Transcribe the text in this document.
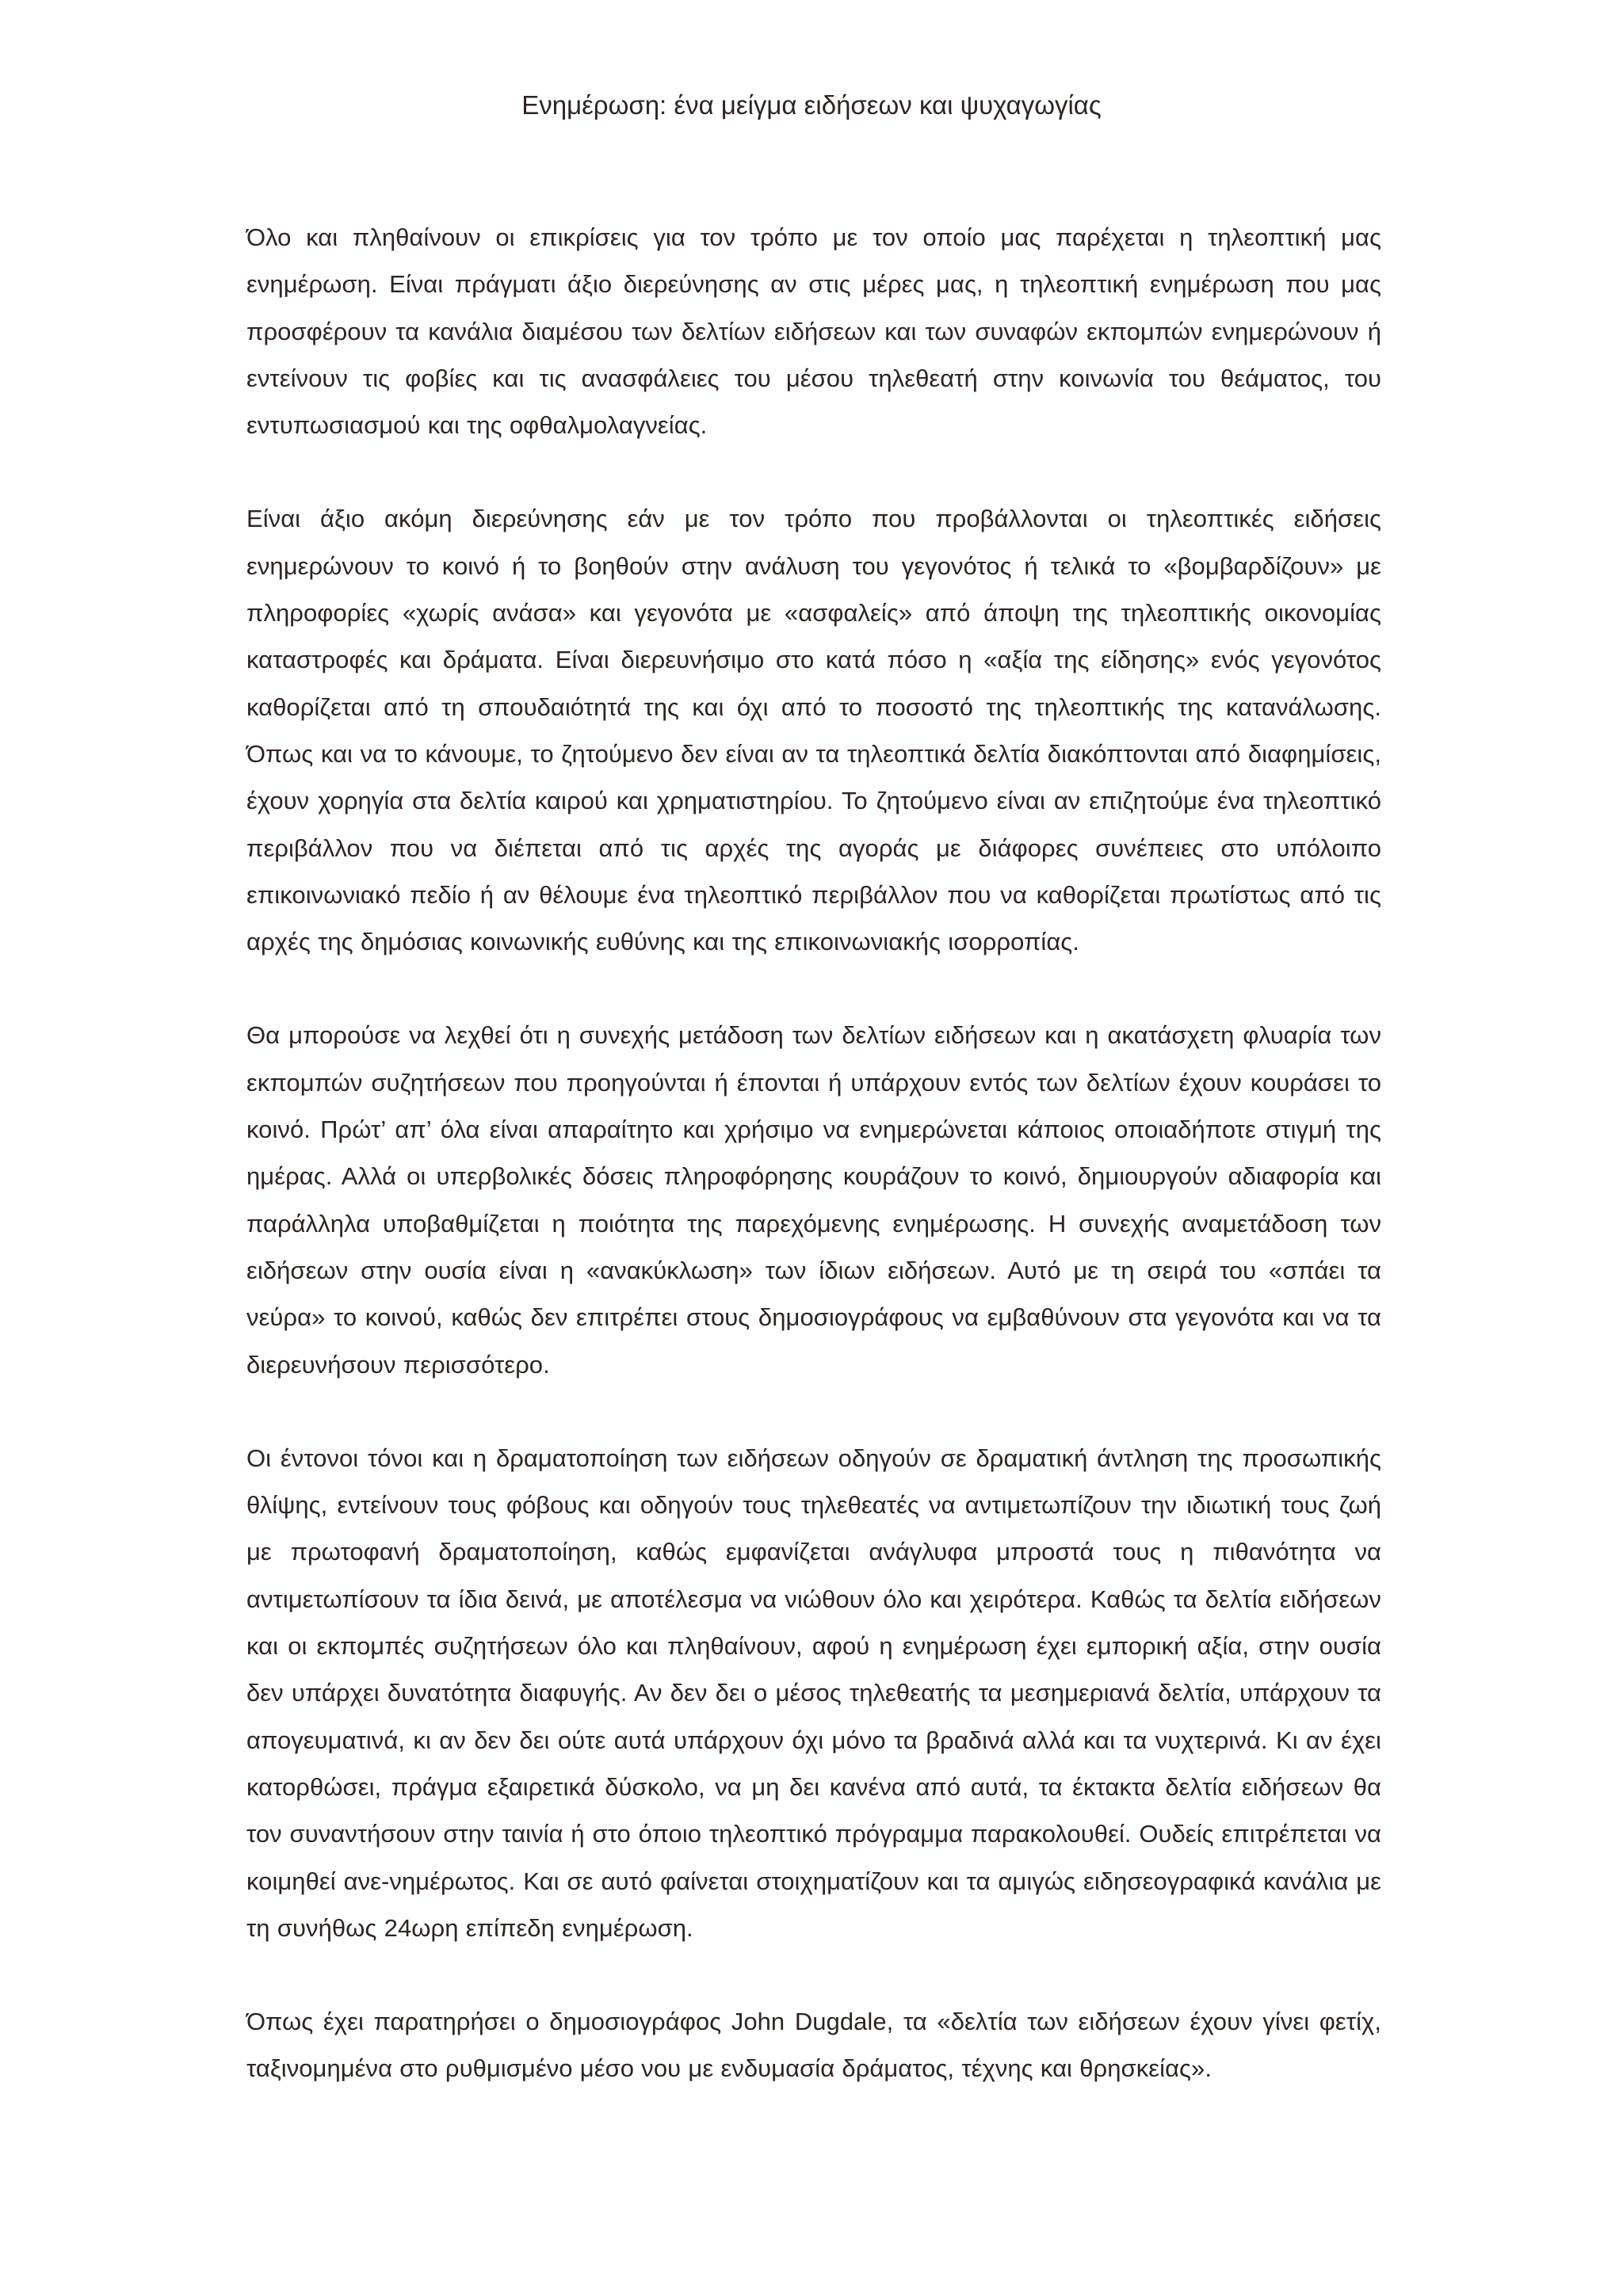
Ενημέρωση: ένα μείγμα ειδήσεων και ψυχαγωγίας

Όλο και πληθαίνουν οι επικρίσεις για τον τρόπο με τον οποίο μας παρέχεται η τηλεοπτική μας ενημέρωση. Είναι πράγματι άξιο διερεύνησης αν στις μέρες μας, η τηλεοπτική ενημέρωση που μας προσφέρουν τα κανάλια διαμέσου των δελτίων ειδήσεων και των συναφών εκπομπών ενημερώνουν ή εντείνουν τις φοβίες και τις ανασφάλειες του μέσου τηλεθεατή στην κοινωνία του θεάματος, του εντυπωσιασμού και της οφθαλμολαγνείας.

Είναι άξιο ακόμη διερεύνησης εάν με τον τρόπο που προβάλλονται οι τηλεοπτικές ειδήσεις ενημερώνουν το κοινό ή το βοηθούν στην ανάλυση του γεγονότος ή τελικά το «βομβαρδίζουν» με πληροφορίες «χωρίς ανάσα» και γεγονότα με «ασφαλείς» από άποψη της τηλεοπτικής οικονομίας καταστροφές και δράματα. Είναι διερευνήσιμο στο κατά πόσο η «αξία της είδησης» ενός γεγονότος καθορίζεται από τη σπουδαιότητά της και όχι από το ποσοστό της τηλεοπτικής της κατανάλωσης. Όπως και να το κάνουμε, το ζητούμενο δεν είναι αν τα τηλεοπτικά δελτία διακόπτονται από διαφημίσεις, έχουν χορηγία στα δελτία καιρού και χρηματιστηρίου. Το ζητούμενο είναι αν επιζητούμε ένα τηλεοπτικό περιβάλλον που να διέπεται από τις αρχές της αγοράς με διάφορες συνέπειες στο υπόλοιπο επικοινωνιακό πεδίο ή αν θέλουμε ένα τηλεοπτικό περιβάλλον που να καθορίζεται πρωτίστως από τις αρχές της δημόσιας κοινωνικής ευθύνης και της επικοινωνιακής ισορροπίας.

Θα μπορούσε να λεχθεί ότι η συνεχής μετάδοση των δελτίων ειδήσεων και η ακατάσχετη φλυαρία των εκπομπών συζητήσεων που προηγούνται ή έπονται ή υπάρχουν εντός των δελτίων έχουν κουράσει το κοινό. Πρώτ’ απ’ όλα είναι απαραίτητο και χρήσιμο να ενημερώνεται κάποιος οποιαδήποτε στιγμή της ημέρας. Αλλά οι υπερβολικές δόσεις πληροφόρησης κουράζουν το κοινό, δημιουργούν αδιαφορία και παράλληλα υποβαθμίζεται η ποιότητα της παρεχόμενης ενημέρωσης. Η συνεχής αναμετάδοση των ειδήσεων στην ουσία είναι η «ανακύκλωση» των ίδιων ειδήσεων. Αυτό με τη σειρά του «σπάει τα νεύρα» το κοινού, καθώς δεν επιτρέπει στους δημοσιογράφους να εμβαθύνουν στα γεγονότα και να τα διερευνήσουν περισσότερο.

Οι έντονοι τόνοι και η δραματοποίηση των ειδήσεων οδηγούν σε δραματική άντληση της προσωπικής θλίψης, εντείνουν τους φόβους και οδηγούν τους τηλεθεατές να αντιμετωπίζουν την ιδιωτική τους ζωή με πρωτοφανή δραματοποίηση, καθώς εμφανίζεται ανάγλυφα μπροστά τους η πιθανότητα να αντιμετωπίσουν τα ίδια δεινά, με αποτέλεσμα να νιώθουν όλο και χειρότερα. Καθώς τα δελτία ειδήσεων και οι εκπομπές συζητήσεων όλο και πληθαίνουν, αφού η ενημέρωση έχει εμπορική αξία, στην ουσία δεν υπάρχει δυνατότητα διαφυγής. Αν δεν δει ο μέσος τηλεθεατής τα μεσημεριανά δελτία, υπάρχουν τα απογευματινά, κι αν δεν δει ούτε αυτά υπάρχουν όχι μόνο τα βραδινά αλλά και τα νυχτερινά. Κι αν έχει κατορθώσει, πράγμα εξαιρετικά δύσκολο, να μη δει κανένα από αυτά, τα έκτακτα δελτία ειδήσεων θα τον συναντήσουν στην ταινία ή στο όποιο τηλεοπτικό πρόγραμμα παρακολουθεί. Ουδείς επιτρέπεται να κοιμηθεί ανε-νημέρωτος. Και σε αυτό φαίνεται στοιχηματίζουν και τα αμιγώς ειδησεογραφικά κανάλια με τη συνήθως 24ωρη επίπεδη ενημέρωση.

Όπως έχει παρατηρήσει ο δημοσιογράφος John Dugdale, τα «δελτία των ειδήσεων έχουν γίνει φετίχ, ταξινομημένα στο ρυθμισμένο μέσο νου με ενδυμασία δράματος, τέχνης και θρησκείας».
